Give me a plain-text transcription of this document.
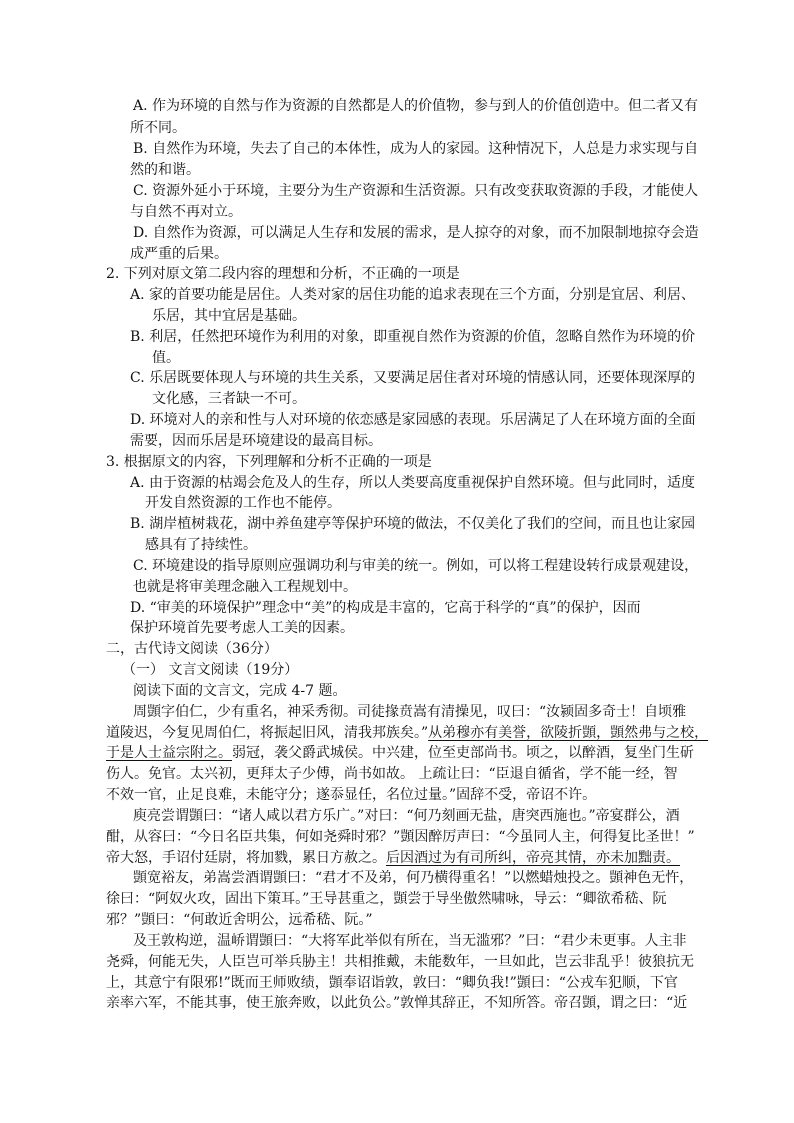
A. 作为环境的自然与作为资源的自然都是人的价值物，参与到人的价值创造中。但二者又有
所不同。
B. 自然作为环境，失去了自己的本体性，成为人的家园。这种情况下，人总是力求实现与自
然的和谐。
C. 资源外延小于环境，主要分为生产资源和生活资源。只有改变获取资源的手段，才能使人
与自然不再对立。
D. 自然作为资源，可以满足人生存和发展的需求，是人掠夺的对象，而不加限制地掠夺会造
成严重的后果。
2. 下列对原文第二段内容的理想和分析，不正确的一项是
A. 家的首要功能是居住。人类对家的居住功能的追求表现在三个方面，分别是宜居、利居、
乐居，其中宜居是基础。
B. 利居，任然把环境作为利用的对象，即重视自然作为资源的价值，忽略自然作为环境的价
值。
C. 乐居既要体现人与环境的共生关系，又要满足居住者对环境的情感认同，还要体现深厚的
文化感，三者缺一不可。
D. 环境对人的亲和性与人对环境的依恋感是家园感的表现。乐居满足了人在环境方面的全面
需要，因而乐居是环境建设的最高目标。
3. 根据原文的内容，下列理解和分析不正确的一项是
A. 由于资源的枯竭会危及人的生存，所以人类要高度重视保护自然环境。但与此同时，适度
开发自然资源的工作也不能停。
B. 湖岸植树栽花，湖中养鱼建亭等保护环境的做法，不仅美化了我们的空间，而且也让家园
感具有了持续性。
C. 环境建设的指导原则应强调功利与审美的统一。例如，可以将工程建设转行成景观建设，
也就是将审美理念融入工程规划中。
D. “审美的环境保护”理念中“美”的构成是丰富的，它高于科学的“真”的保护，因而
保护环境首先要考虑人工美的因素。
二，古代诗文阅读（36分）
（一） 文言文阅读（19分）
阅读下面的文言文，完成 4-7 题。
周顗字伯仁，少有重名，神采秀彻。司徒掾贲嵩有清操见，叹曰：“汝颍固多奇士！自顷雅
道陵迟，今复见周伯仁，将振起旧风，清我邦族矣。”从弟穆亦有美誉，欲陵折顗，顗然弗与之校，
于是人士益宗附之。弱冠，袭父爵武城侯。中兴建，位至吏部尚书。顷之，以醉酒，复坐门生斫
伤人。免官。太兴初，更拜太子少傅，尚书如故。 上疏让曰：“臣退自循省，学不能一经，智
不效一官，止足良难，未能守分；遂忝显任，名位过量。”固辞不受，帝诏不许。
庾亮尝谓顗曰：“诸人咸以君方乐广。”对曰：“何乃刻画无盐，唐突西施也。”帝宴群公，酒
酣，从容曰：“今日名臣共集，何如尧舜时邪？”顗因醉厉声曰：“今虽同人主，何得复比圣世！”
帝大怒，手诏付廷尉，将加戮，累日方赦之。后因酒过为有司所纠，帝亮其情，亦未加黜责。
顗宽裕友，弟嵩尝酒谓顗曰：“君才不及弟，何乃横得重名！”以燃蜡烛投之。顗神色无忤，
徐曰：“阿奴火攻，固出下策耳。”王导甚重之，顗尝于导坐傲然啸咏，导云：“卿欲希嵇、阮
邪？”顗曰：“何敢近舍明公，远希嵇、阮。”
及王敦构逆，温峤谓顗曰：“大将军此举似有所在，当无滥邪？”曰：“君少未更事。人主非
尧舜，何能无失，人臣岂可举兵胁主！共相推戴，未能数年，一旦如此，岂云非乱乎！彼狼抗无
上，其意宁有限邪!”既而王师败绩，顗奉诏诣敦，敦曰：“卿负我!”顗曰：“公戎车犯顺，下官
亲率六军，不能其事，使王旅奔败，以此负公。”敦惮其辞正，不知所答。帝召顗，谓之曰：“近
